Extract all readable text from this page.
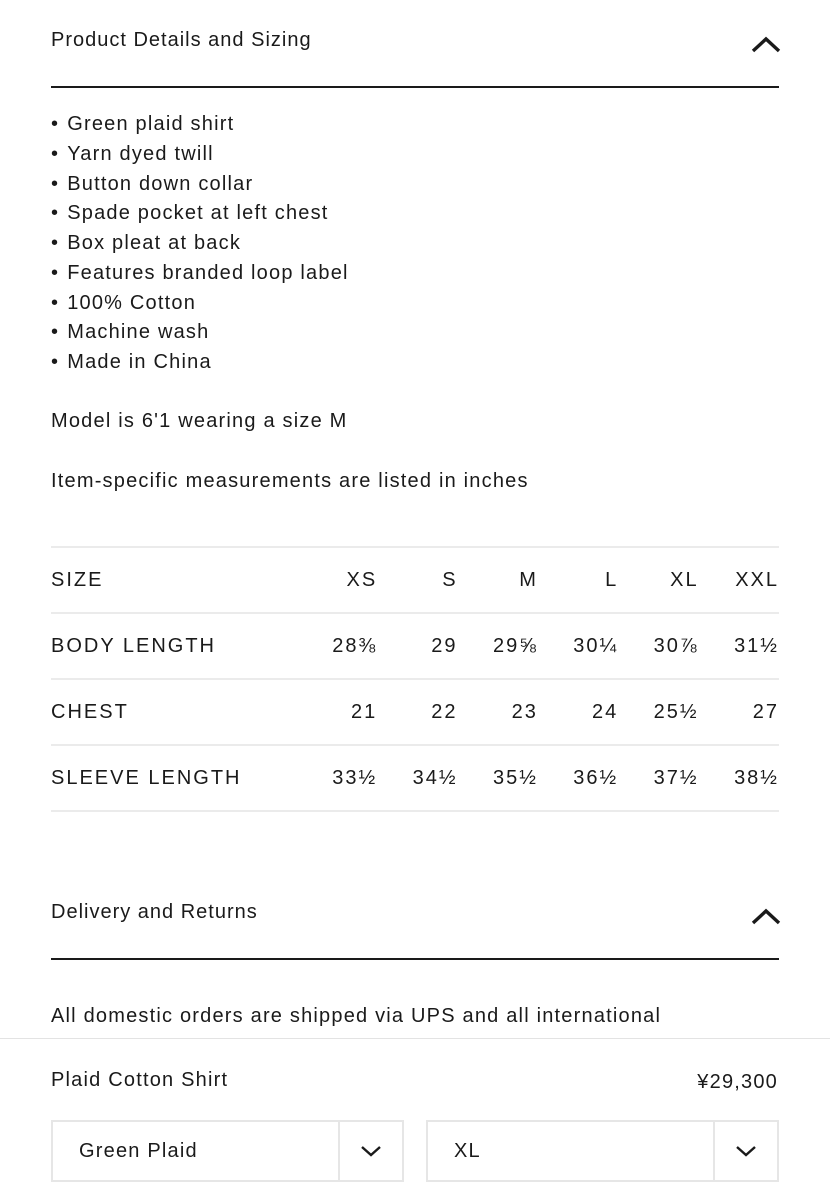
Product Details and Sizing
• Green plaid shirt
• Yarn dyed twill
• Button down collar
• Spade pocket at left chest
• Box pleat at back
• Features branded loop label
• 100% Cotton
• Machine wash
• Made in China

Model is 6'1 wearing a size M

Item-specific measurements are listed in inches

SIZE	XS	S	M	L	XL	XXL
BODY LENGTH	28⅜	29	29⅝	30¼	30⅞	31½
CHEST	21	22	23	24	25½	27
SLEEVE LENGTH	33½	34½	35½	36½	37½	38½
Delivery and Returns

All domestic orders are shipped via UPS and all international

Plaid Cotton Shirt	¥29,300
Green Plaid	XL
